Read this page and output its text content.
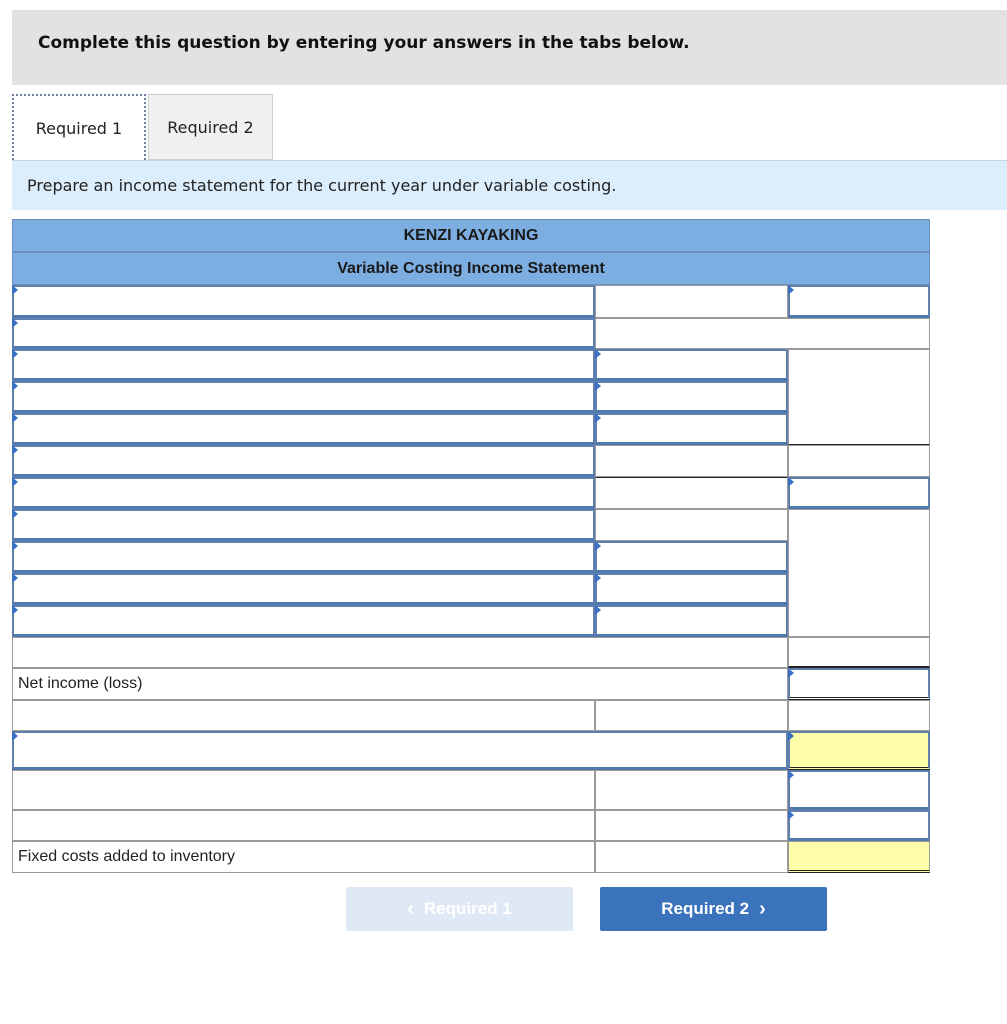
Complete this question by entering your answers in the tabs below.
Required 1	Required 2
Prepare an income statement for the current year under variable costing.
KENZI KAYAKING
Variable Costing Income Statement
Net income (loss)
Fixed costs added to inventory
‹ Required 1	Required 2 ›
